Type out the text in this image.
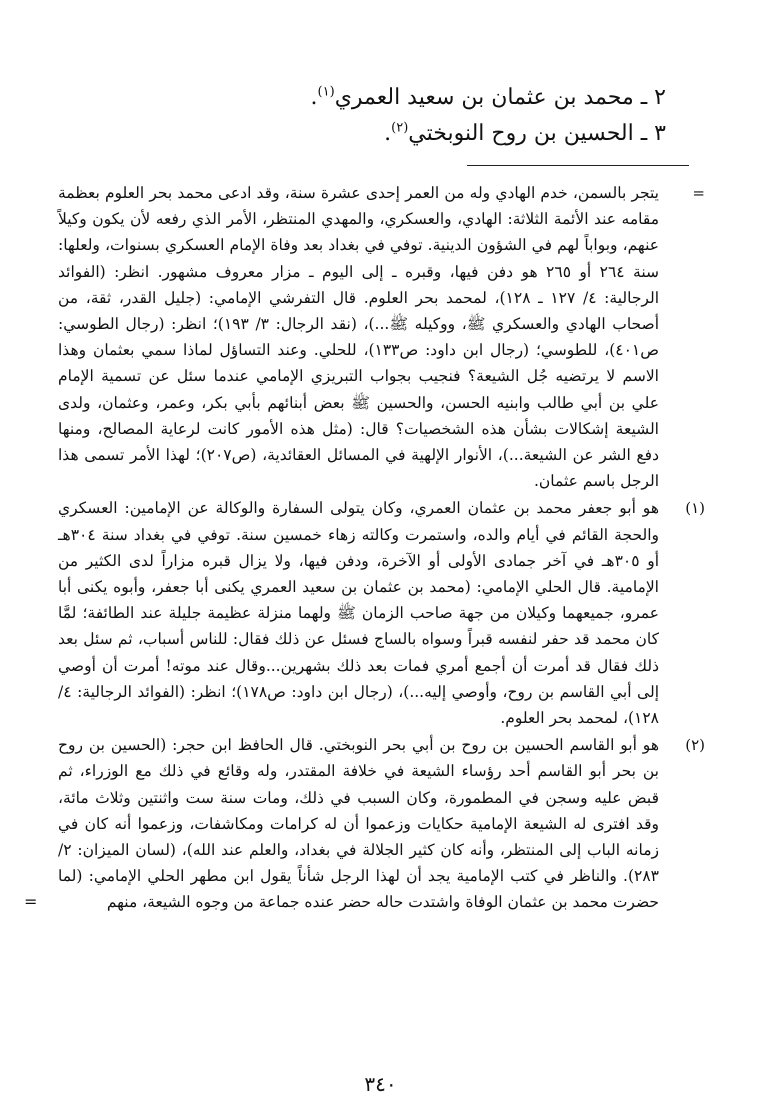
٢ ـ محمد بن عثمان بن سعيد العمري$^{(١)}$.
٣ ـ الحسين بن روح النوبختي$^{(٢)}$.
=

يتجر بالسمن، خدم الهادي وله من العمر إحدى عشرة سنة، وقد ادعى محمد بحر العلوم بعظمة مقامه عند الأئمة الثلاثة: الهادي، والعسكري، والمهدي المنتظر، الأمر الذي رفعه لأن يكون وكيلاً عنهم، وبواباً لهم في الشؤون الدينية. توفي في بغداد بعد وفاة الإمام العسكري بسنوات، ولعلها: سنة ٢٦٤ أو ٢٦٥ هو دفن فيها، وقبره ـ إلى اليوم ـ مزار معروف مشهور. انظر: (الفوائد الرجالية: ٤/ ١٢٧ ـ ١٢٨)، لمحمد بحر العلوم. قال التفرشي الإمامي: (جليل القدر، ثقة، من أصحاب الهادي والعسكري ﷺ، ووكيله ﷺ...)، (نقد الرجال: ٣/ ١٩٣)؛ انظر: (رجال الطوسي: ص٤٠١)، للطوسي؛ (رجال ابن داود: ص١٣٣)، للحلي. وعند التساؤل لماذا سمي بعثمان وهذا الاسم لا يرتضيه جُل الشيعة؟ فنجيب بجواب التبريزي الإمامي عندما سئل عن تسمية الإمام علي بن أبي طالب وابنيه الحسن، والحسين ﷺ بعض أبنائهم بأبي بكر، وعمر، وعثمان، ولدى الشيعة إشكالات بشأن هذه الشخصيات؟ قال: (مثل هذه الأمور كانت لرعاية المصالح، ومنها دفع الشر عن الشيعة...)، الأنوار الإلهية في المسائل العقائدية، (ص٢٠٧)؛ لهذا الأمر تسمى هذا الرجل باسم عثمان.

(١)

هو أبو جعفر محمد بن عثمان العمري، وكان يتولى السفارة والوكالة عن الإمامين: العسكري والحجة القائم في أيام والده، واستمرت وكالته زهاء خمسين سنة. توفي في بغداد سنة ٣٠٤هـ أو ٣٠٥هـ في آخر جمادى الأولى أو الآخرة، ودفن فيها، ولا يزال قبره مزاراً لدى الكثير من الإمامية. قال الحلي الإمامي: (محمد بن عثمان بن سعيد العمري يكنى أبا جعفر، وأبوه يكنى أبا عمرو، جميعهما وكيلان من جهة صاحب الزمان ﷺ ولهما منزلة عظيمة جليلة عند الطائفة؛ لمَّا كان محمد قد حفر لنفسه قبراً وسواه بالساج فسئل عن ذلك فقال: للناس أسباب، ثم سئل بعد ذلك فقال قد أمرت أن أجمع أمري فمات بعد ذلك بشهرين...وقال عند موته! أمرت أن أوصي إلى أبي القاسم بن روح، وأوصي إليه...)، (رجال ابن داود: ص١٧٨)؛ انظر: (الفوائد الرجالية: ٤/ ١٢٨)، لمحمد بحر العلوم.

(٢)

هو أبو القاسم الحسين بن روح بن أبي بحر النوبختي. قال الحافظ ابن حجر: (الحسين بن روح بن بحر أبو القاسم أحد رؤساء الشيعة في خلافة المقتدر، وله وقائع في ذلك مع الوزراء، ثم قبض عليه وسجن في المطمورة، وكان السبب في ذلك، ومات سنة ست واثنتين وثلاث مائة، وقد افترى له الشيعة الإمامية حكايات وزعموا أن له كرامات ومكاشفات، وزعموا أنه كان في زمانه الباب إلى المنتظر، وأنه كان كثير الجلالة في بغداد، والعلم عند الله)، (لسان الميزان: ٢/ ٢٨٣). والناظر في كتب الإمامية يجد أن لهذا الرجل شأناً يقول ابن مطهر الحلي الإمامي: (لما حضرت محمد بن عثمان الوفاة واشتدت حاله حضر عنده جماعة من وجوه الشيعة، منهم

=
٣٤٠
